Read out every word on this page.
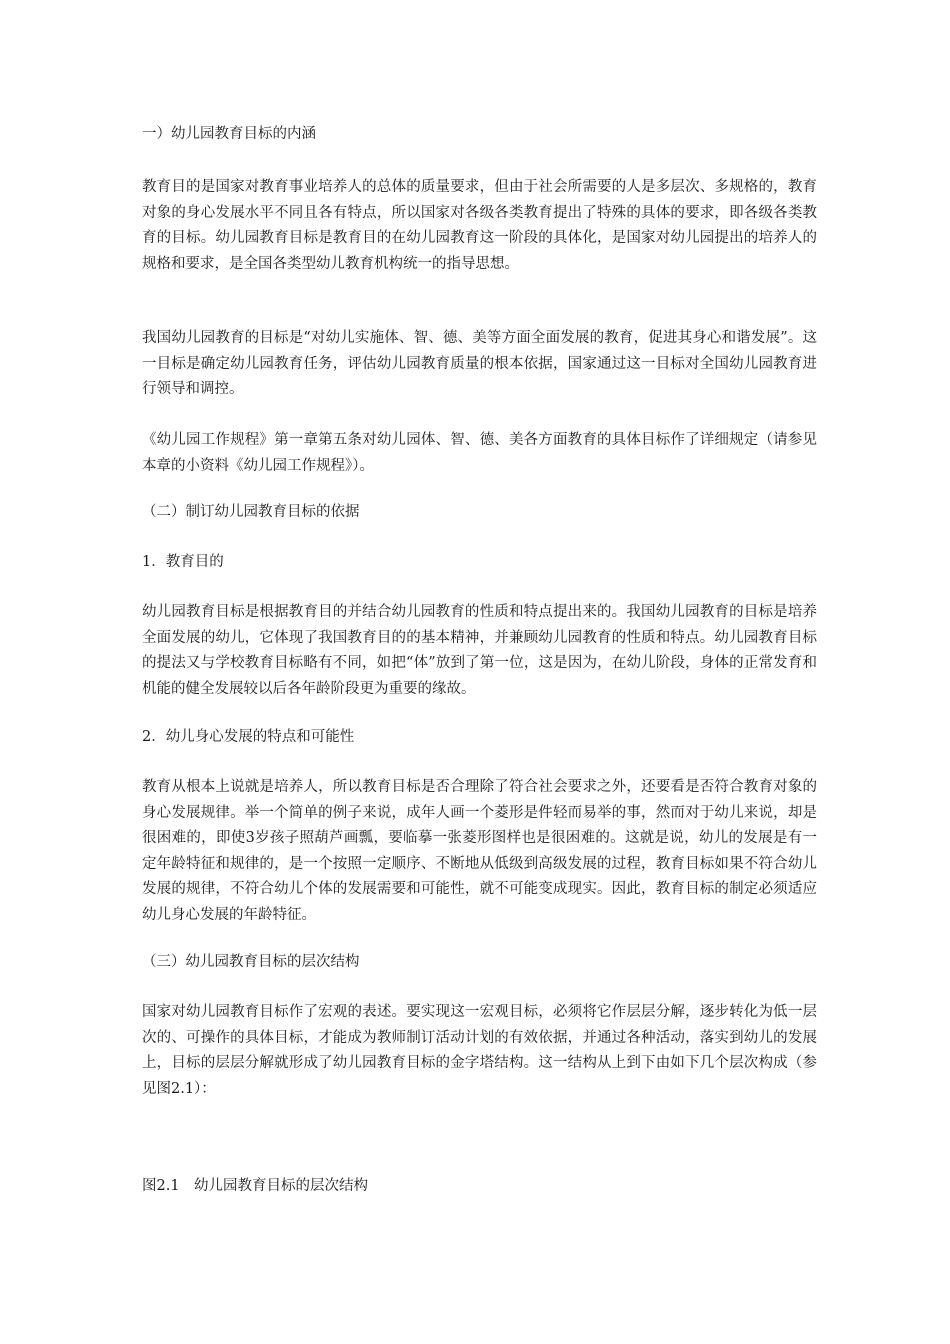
一）幼儿园教育目标的内涵
教育目的是国家对教育事业培养人的总体的质量要求，但由于社会所需要的人是多层次、多规格的，教育对象的身心发展水平不同且各有特点，所以国家对各级各类教育提出了特殊的具体的要求，即各级各类教育的目标。幼儿园教育目标是教育目的在幼儿园教育这一阶段的具体化，是国家对幼儿园提出的培养人的规格和要求，是全国各类型幼儿教育机构统一的指导思想。
我国幼儿园教育的目标是“对幼儿实施体、智、德、美等方面全面发展的教育，促进其身心和谐发展”。这一目标是确定幼儿园教育任务，评估幼儿园教育质量的根本依据，国家通过这一目标对全国幼儿园教育进行领导和调控。
《幼儿园工作规程》第一章第五条对幼儿园体、智、德、美各方面教育的具体目标作了详细规定（请参见本章的小资料《幼儿园工作规程》）。
（二）制订幼儿园教育目标的依据
1．教育目的
幼儿园教育目标是根据教育目的并结合幼儿园教育的性质和特点提出来的。我国幼儿园教育的目标是培养全面发展的幼儿，它体现了我国教育目的的基本精神，并兼顾幼儿园教育的性质和特点。幼儿园教育目标的提法又与学校教育目标略有不同，如把“体”放到了第一位，这是因为，在幼儿阶段，身体的正常发育和机能的健全发展较以后各年龄阶段更为重要的缘故。
2．幼儿身心发展的特点和可能性
教育从根本上说就是培养人，所以教育目标是否合理除了符合社会要求之外，还要看是否符合教育对象的身心发展规律。举一个简单的例子来说，成年人画一个菱形是件轻而易举的事，然而对于幼儿来说，却是很困难的，即使3岁孩子照葫芦画瓢，要临摹一张菱形图样也是很困难的。这就是说，幼儿的发展是有一定年龄特征和规律的，是一个按照一定顺序、不断地从低级到高级发展的过程，教育目标如果不符合幼儿发展的规律，不符合幼儿个体的发展需要和可能性，就不可能变成现实。因此，教育目标的制定必须适应幼儿身心发展的年龄特征。
（三）幼儿园教育目标的层次结构
国家对幼儿园教育目标作了宏观的表述。要实现这一宏观目标，必须将它作层层分解，逐步转化为低一层次的、可操作的具体目标，才能成为教师制订活动计划的有效依据，并通过各种活动，落实到幼儿的发展上，目标的层层分解就形成了幼儿园教育目标的金字塔结构。这一结构从上到下由如下几个层次构成（参见图2.1）：
图2.1　幼儿园教育目标的层次结构
